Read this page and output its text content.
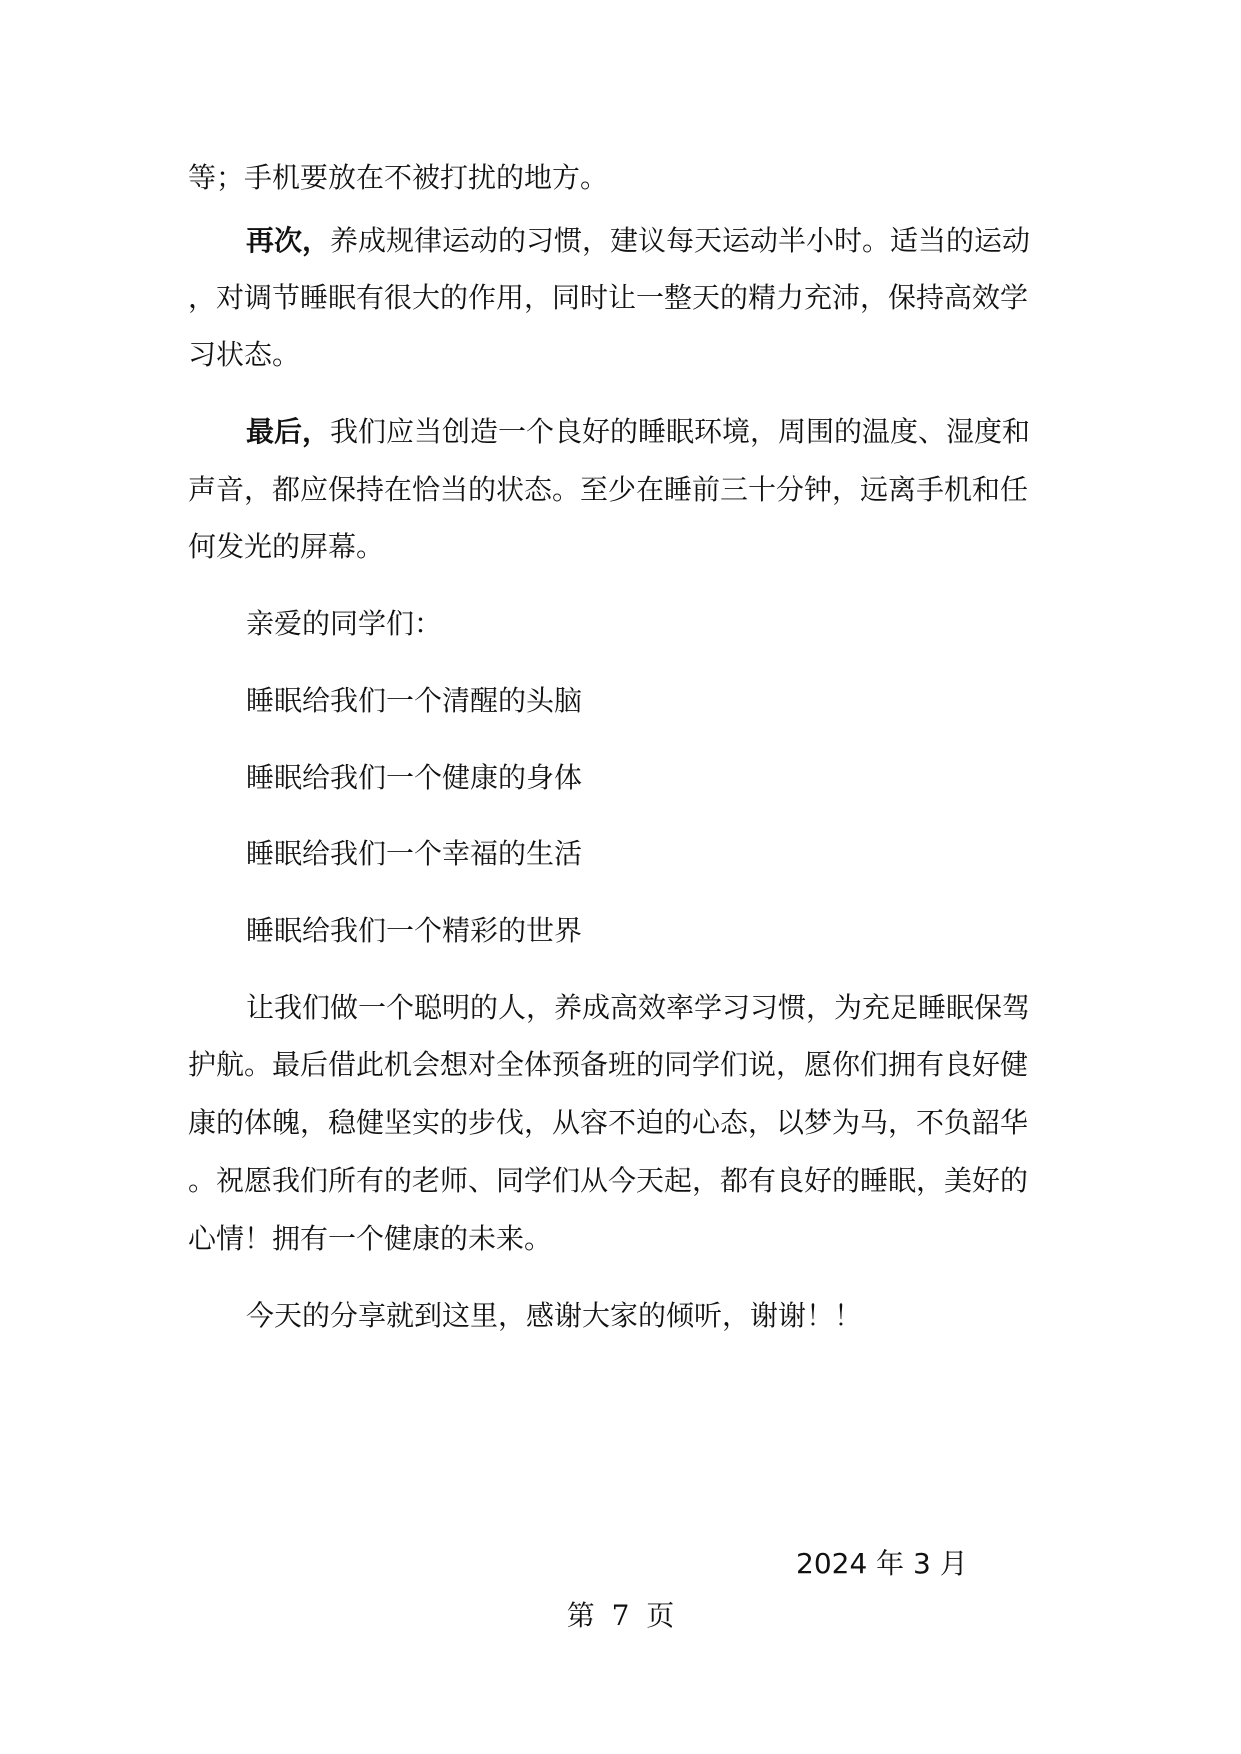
等；手机要放在不被打扰的地方。
再次，养成规律运动的习惯，建议每天运动半小时。适当的运动
，对调节睡眠有很大的作用，同时让一整天的精力充沛，保持高效学
习状态。
最后，我们应当创造一个良好的睡眠环境，周围的温度、湿度和
声音，都应保持在恰当的状态。至少在睡前三十分钟，远离手机和任
何发光的屏幕。
亲爱的同学们：
睡眠给我们一个清醒的头脑
睡眠给我们一个健康的身体
睡眠给我们一个幸福的生活
睡眠给我们一个精彩的世界
让我们做一个聪明的人，养成高效率学习习惯，为充足睡眠保驾
护航。最后借此机会想对全体预备班的同学们说，愿你们拥有良好健
康的体魄，稳健坚实的步伐，从容不迫的心态，以梦为马，不负韶华
。祝愿我们所有的老师、同学们从今天起，都有良好的睡眠，美好的
心情！拥有一个健康的未来。
今天的分享就到这里，感谢大家的倾听，谢谢！！
2024 年 3 月
第 7 页
